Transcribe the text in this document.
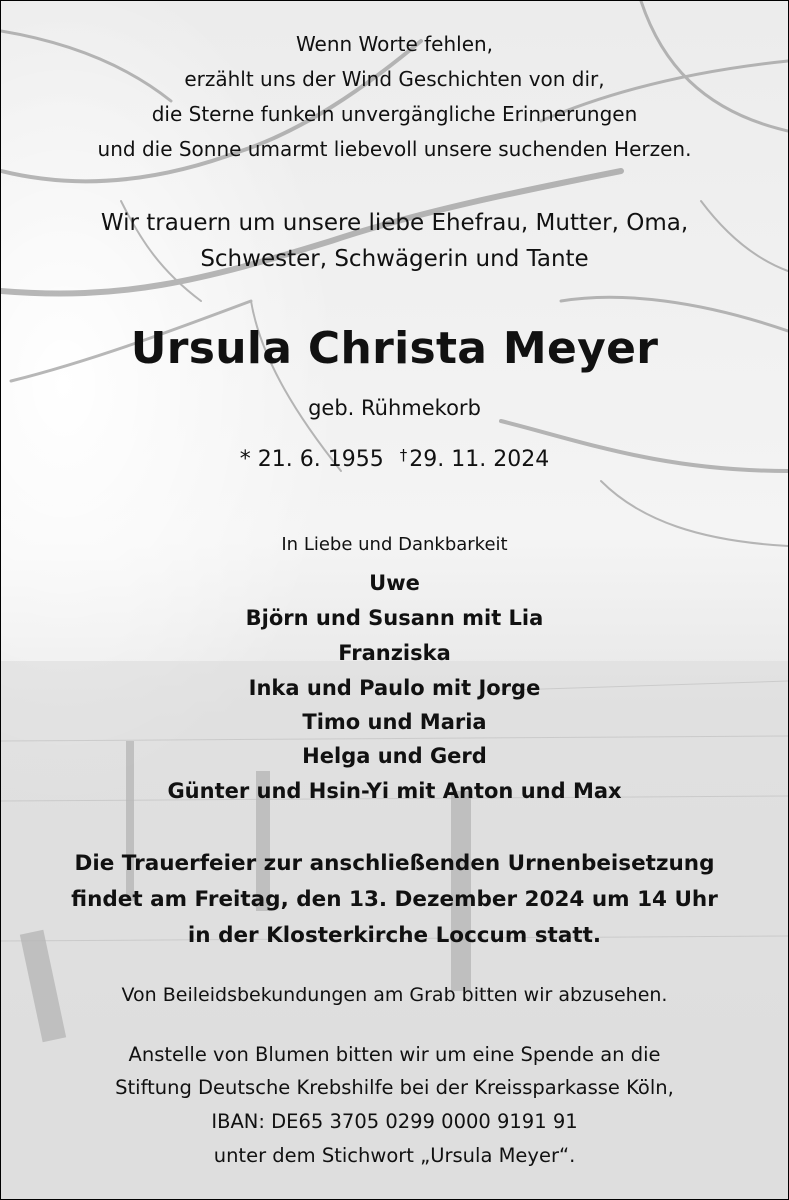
Wenn Worte fehlen,
erzählt uns der Wind Geschichten von dir,
die Sterne funkeln unvergängliche Erinnerungen
und die Sonne umarmt liebevoll unsere suchenden Herzen.
Wir trauern um unsere liebe Ehefrau, Mutter, Oma,
Schwester, Schwägerin und Tante
Ursula Christa Meyer
geb. Rühmekorb
* 21. 6. 1955 †29. 11. 2024
In Liebe und Dankbarkeit
Uwe
Björn und Susann mit Lia
Franziska
Inka und Paulo mit Jorge
Timo und Maria
Helga und Gerd
Günter und Hsin-Yi mit Anton und Max
Die Trauerfeier zur anschließenden Urnenbeisetzung
findet am Freitag, den 13. Dezember 2024 um 14 Uhr
in der Klosterkirche Loccum statt.
Von Beileidsbekundungen am Grab bitten wir abzusehen.
Anstelle von Blumen bitten wir um eine Spende an die
Stiftung Deutsche Krebshilfe bei der Kreissparkasse Köln,
IBAN: DE65 3705 0299 0000 9191 91
unter dem Stichwort „Ursula Meyer“.
